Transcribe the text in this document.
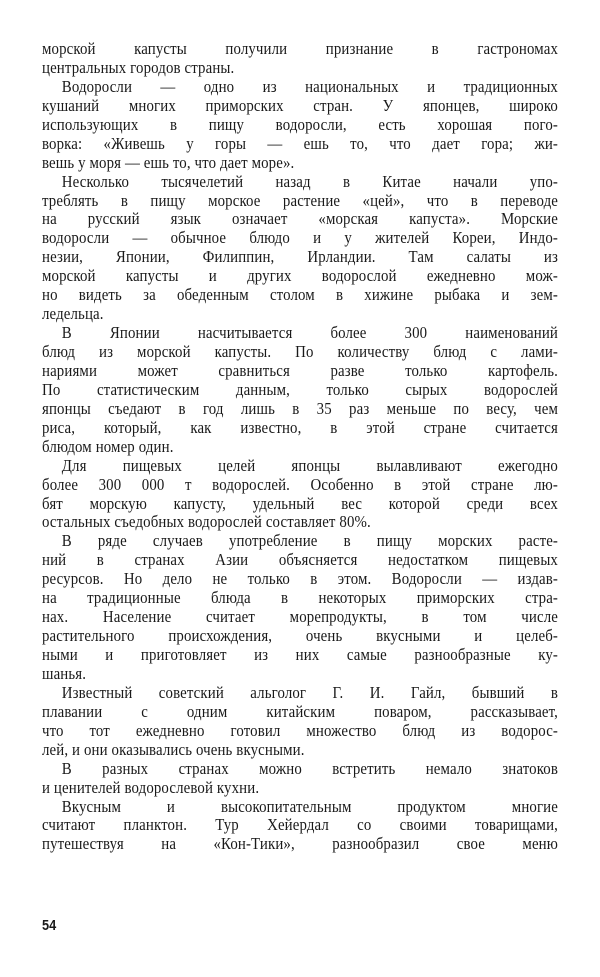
морской капусты получили признание в гастрономах
центральных городов страны.
Водоросли — одно из национальных и традиционных
кушаний многих приморских стран. У японцев, широко
использующих в пищу водоросли, есть хорошая пого-
ворка: «Живешь у горы — ешь то, что дает гора; жи-
вешь у моря — ешь то, что дает море».
Несколько тысячелетий назад в Китае начали упо-
треблять в пищу морское растение «цей», что в переводе
на русский язык означает «морская капуста». Морские
водоросли — обычное блюдо и у жителей Кореи, Индо-
незии, Японии, Филиппин, Ирландии. Там салаты из
морской капусты и других водорослой ежедневно мож-
но видеть за обеденным столом в хижине рыбака и зем-
ледельца.
В Японии насчитывается более 300 наименований
блюд из морской капусты. По количеству блюд с лами-
нариями может сравниться разве только картофель.
По статистическим данным, только сырых водорослей
японцы съедают в год лишь в 35 раз меньше по весу, чем
риса, который, как известно, в этой стране считается
блюдом номер один.
Для пищевых целей японцы вылавливают ежегодно
более 300 000 т водорослей. Особенно в этой стране лю-
бят морскую капусту, удельный вес которой среди всех
остальных съедобных водорослей составляет 80%.
В ряде случаев употребление в пищу морских расте-
ний в странах Азии объясняется недостатком пищевых
ресурсов. Но дело не только в этом. Водоросли — издав-
на традиционные блюда в некоторых приморских стра-
нах. Население считает морепродукты, в том числе
растительного происхождения, очень вкусными и целеб-
ными и приготовляет из них самые разнообразные ку-
шанья.
Известный советский альголог Г. И. Гайл, бывший в
плавании с одним китайским поваром, рассказывает,
что тот ежедневно готовил множество блюд из водорос-
лей, и они оказывались очень вкусными.
В разных странах можно встретить немало знатоков
и ценителей водорослевой кухни.
Вкусным и высокопитательным продуктом многие
считают планктон. Тур Хейердал со своими товарищами,
путешествуя на «Кон-Тики», разнообразил свое меню
54
